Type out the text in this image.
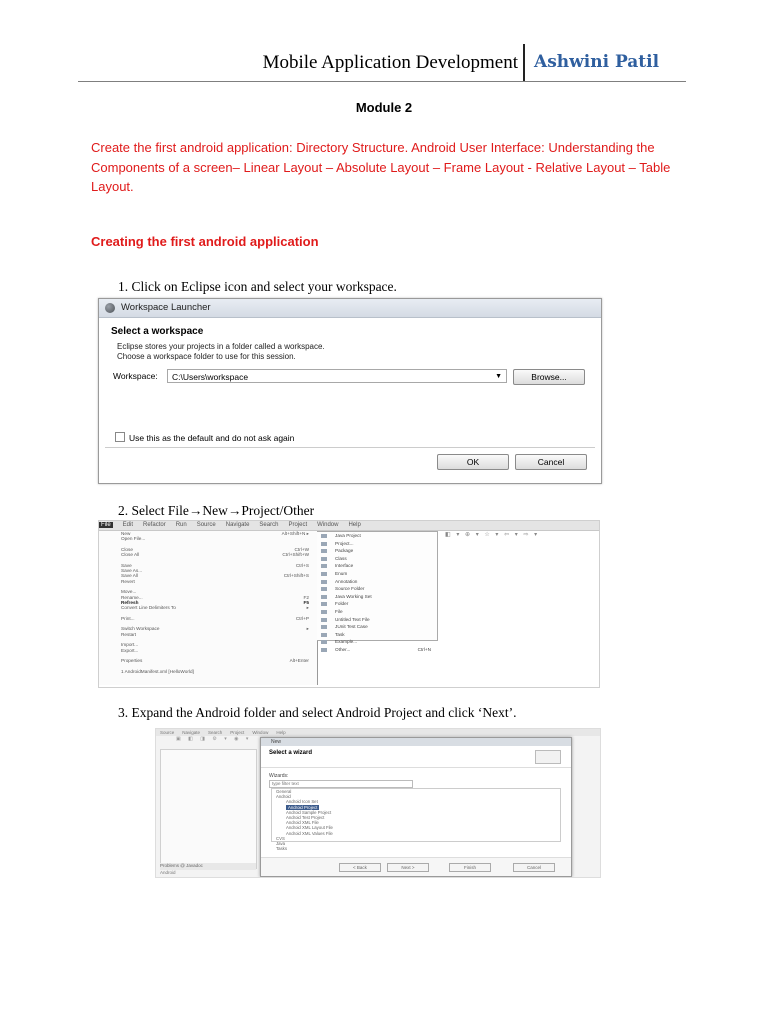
Mobile Application Development Ashwini Patil
Module 2
Create the first android application: Directory Structure. Android User Interface: Understanding the Components of a screen– Linear Layout – Absolute Layout – Frame Layout - Relative Layout – Table Layout.
Creating the first android application
1. Click on Eclipse icon and select your workspace.
Workspace Launcher
Select a workspace
Eclipse stores your projects in a folder called a workspace.
Choose a workspace folder to use for this session.
Workspace:	C:\Users\workspace	▼	Browse...
Use this as the default and do not ask again
OK	Cancel
2. Select File→New→Project/Other
File Edit Refactor Run Source Navigate Search Project Window Help
◧ ▾ ⊕ ▾ ☆ ▾ ⇦ ▾ ⇨ ▾
New	Alt+Shift+N ▸
Open File...
Close	Ctrl+W
Close All	Ctrl+Shift+W
Save	Ctrl+S
Save As...
Save All	Ctrl+Shift+S
Revert
Move...
Rename...	F2
Refresh	F5
Convert Line Delimiters To	▸
Print...	Ctrl+P
Switch Workspace	▸
Restart
Import...
Export...
Properties	Alt+Enter
1 AndroidManifest.xml [HelloWorld]
Java Project
Project...
Package
Class
Interface
Enum
Annotation
Source Folder
Java Working Set
Folder
File
Untitled Text File
JUnit Test Case
Task
Example...
Other...	Ctrl+N
3. Expand the Android folder and select Android Project and click ‘Next’.
Source Navigate Search Project Window Help
▣ ◧ ◨ ⚙ ▾ ◉ ▾
Problems @ Javadoc
Android
New
Select a wizard
Wizards:
type filter text
General
Android
Android Icon Set
Android Project
Android Sample Project
Android Test Project
Android XML File
Android XML Layout File
Android XML Values File
CVS
Java
Tasks
< Back	Next >	Finish	Cancel
